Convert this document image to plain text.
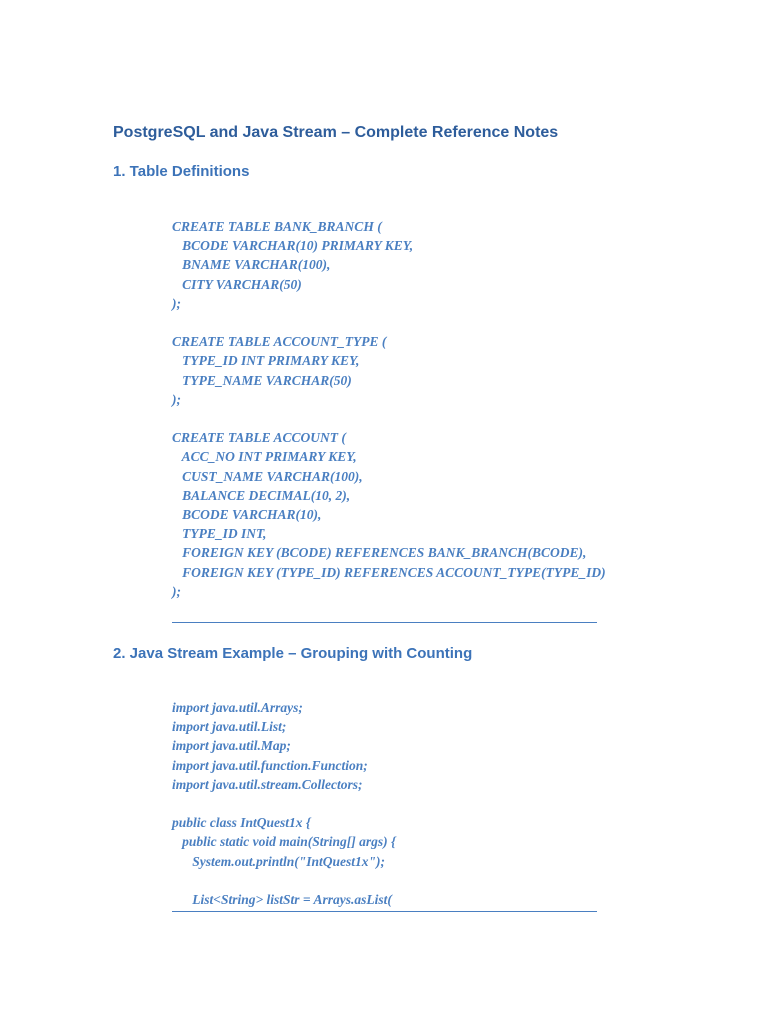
PostgreSQL and Java Stream – Complete Reference Notes
1. Table Definitions
CREATE TABLE BANK_BRANCH (
BCODE VARCHAR(10) PRIMARY KEY,
BNAME VARCHAR(100),
CITY VARCHAR(50)
);

CREATE TABLE ACCOUNT_TYPE (
TYPE_ID INT PRIMARY KEY,
TYPE_NAME VARCHAR(50)
);

CREATE TABLE ACCOUNT (
ACC_NO INT PRIMARY KEY,
CUST_NAME VARCHAR(100),
BALANCE DECIMAL(10, 2),
BCODE VARCHAR(10),
TYPE_ID INT,
FOREIGN KEY (BCODE) REFERENCES BANK_BRANCH(BCODE),
FOREIGN KEY (TYPE_ID) REFERENCES ACCOUNT_TYPE(TYPE_ID)
);
2. Java Stream Example – Grouping with Counting
import java.util.Arrays;
import java.util.List;
import java.util.Map;
import java.util.function.Function;
import java.util.stream.Collectors;

public class IntQuest1x {
public static void main(String[] args) {
System.out.println("IntQuest1x");

List<String> listStr = Arrays.asList(
